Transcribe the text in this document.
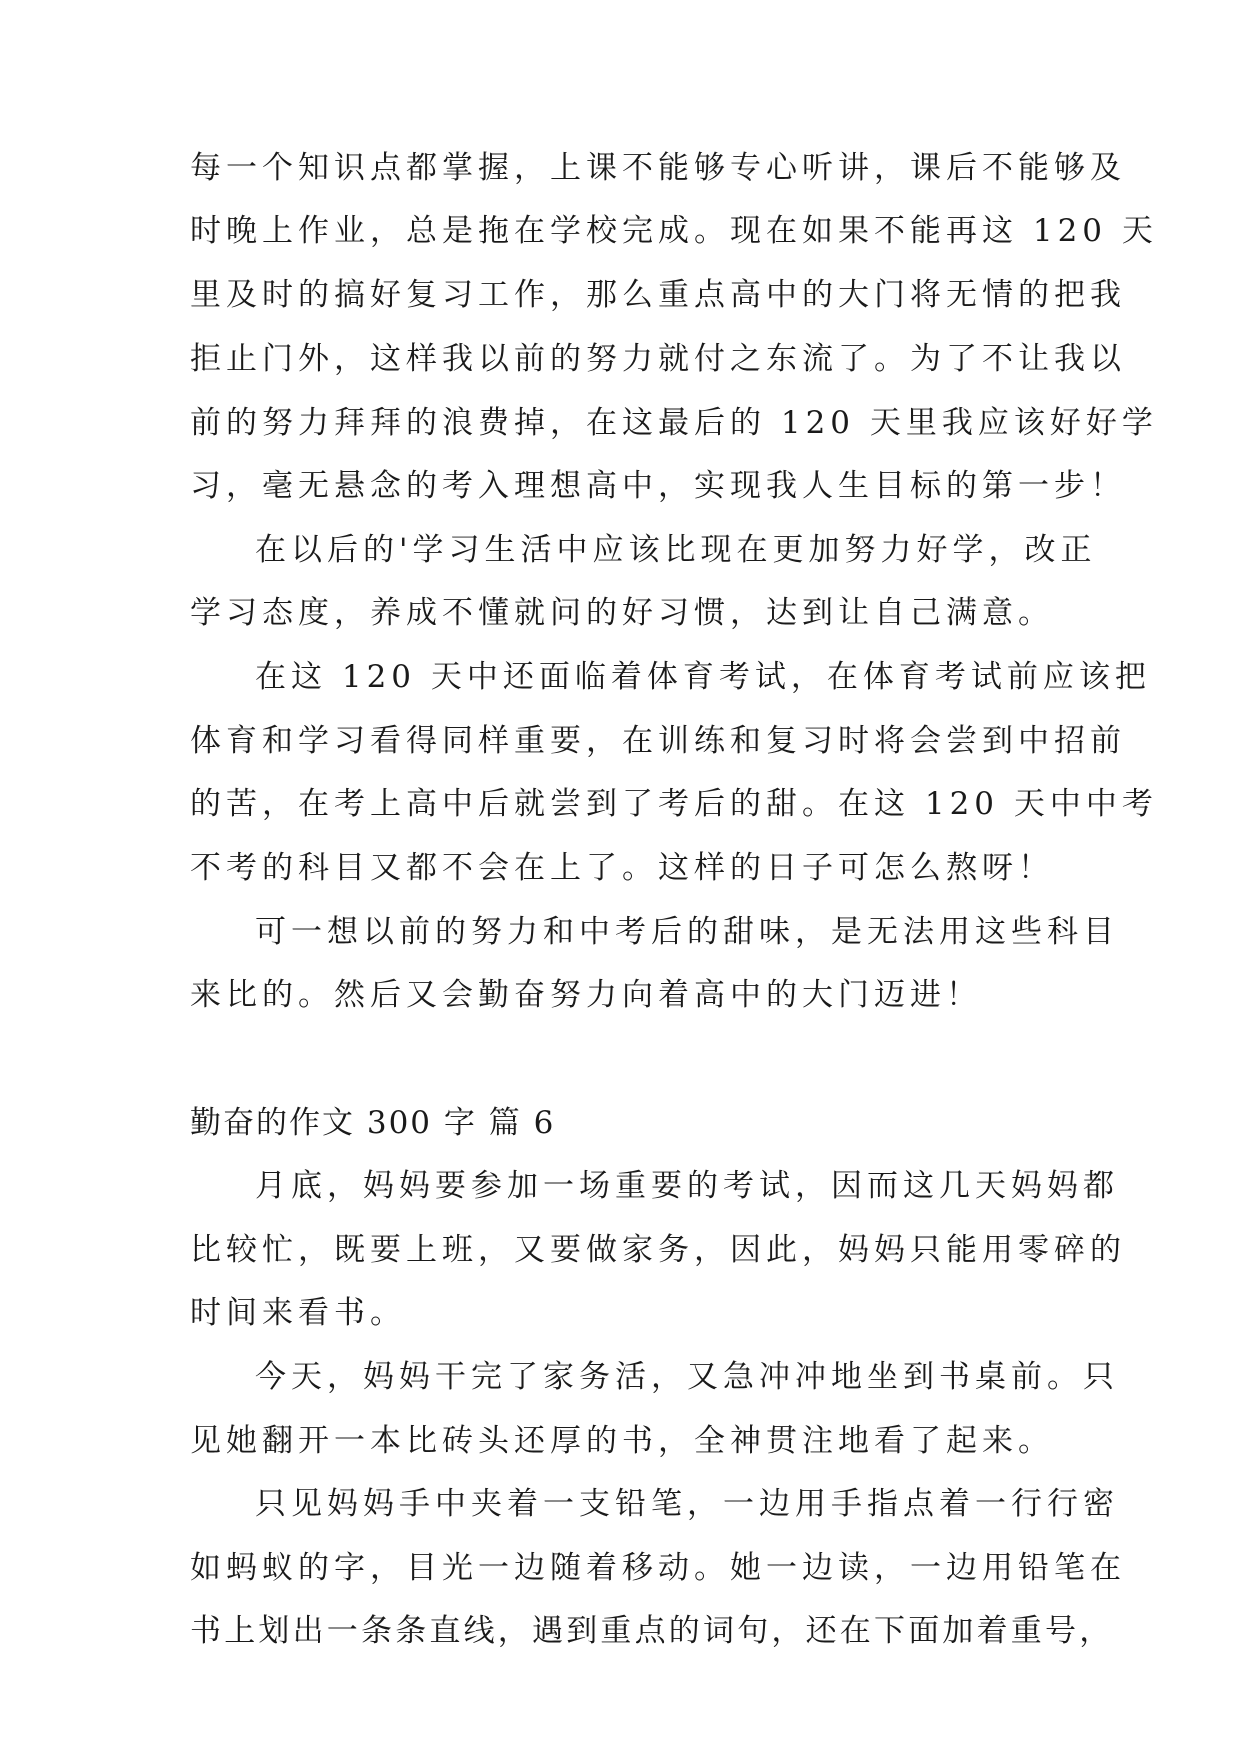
每一个知识点都掌握，上课不能够专心听讲，课后不能够及
时晚上作业，总是拖在学校完成。现在如果不能再这 120 天
里及时的搞好复习工作，那么重点高中的大门将无情的把我
拒止门外，这样我以前的努力就付之东流了。为了不让我以
前的努力拜拜的浪费掉，在这最后的 120 天里我应该好好学
习，毫无悬念的考入理想高中，实现我人生目标的第一步！
在以后的'学习生活中应该比现在更加努力好学，改正
学习态度，养成不懂就问的好习惯，达到让自己满意。
在这 120 天中还面临着体育考试，在体育考试前应该把
体育和学习看得同样重要，在训练和复习时将会尝到中招前
的苦，在考上高中后就尝到了考后的甜。在这 120 天中中考
不考的科目又都不会在上了。这样的日子可怎么熬呀！
可一想以前的努力和中考后的甜味，是无法用这些科目
来比的。然后又会勤奋努力向着高中的大门迈进！
勤奋的作文 300 字 篇 6
月底，妈妈要参加一场重要的考试，因而这几天妈妈都
比较忙，既要上班，又要做家务，因此，妈妈只能用零碎的
时间来看书。
今天，妈妈干完了家务活，又急冲冲地坐到书桌前。只
见她翻开一本比砖头还厚的书，全神贯注地看了起来。
只见妈妈手中夹着一支铅笔，一边用手指点着一行行密
如蚂蚁的字，目光一边随着移动。她一边读，一边用铅笔在
书上划出一条条直线，遇到重点的词句，还在下面加着重号，
